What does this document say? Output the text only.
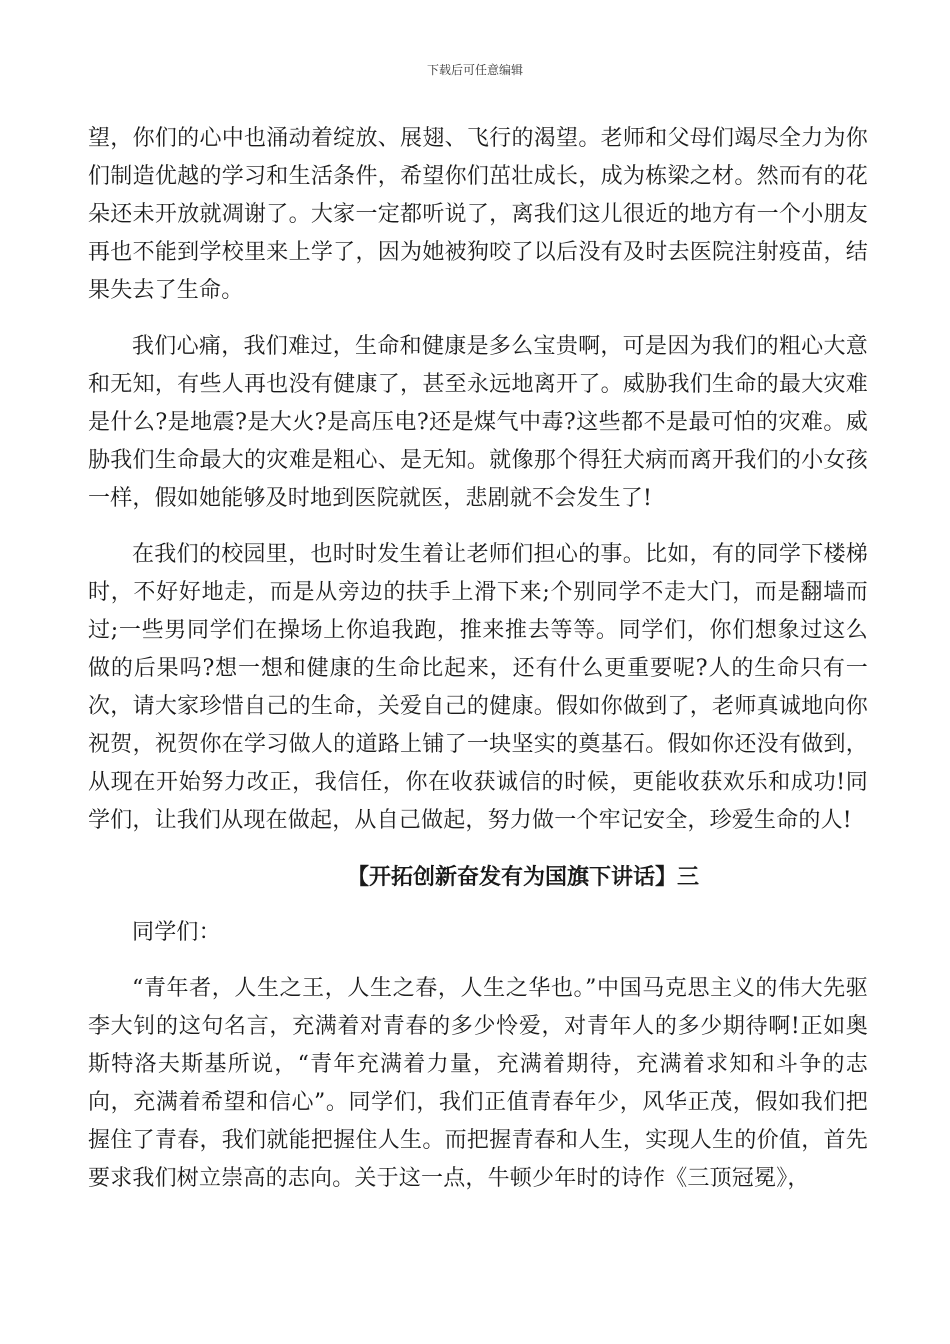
下载后可任意编辑

望，你们的心中也涌动着绽放、展翅、飞行的渴望。老师和父母们竭尽全力为你们制造优越的学习和生活条件，希望你们茁壮成长，成为栋梁之材。然而有的花朵还未开放就凋谢了。大家一定都听说了，离我们这儿很近的地方有一个小朋友再也不能到学校里来上学了，因为她被狗咬了以后没有及时去医院注射疫苗，结果失去了生命。

我们心痛，我们难过，生命和健康是多么宝贵啊，可是因为我们的粗心大意和无知，有些人再也没有健康了，甚至永远地离开了。威胁我们生命的最大灾难是什么?是地震?是大火?是高压电?还是煤气中毒?这些都不是最可怕的灾难。威胁我们生命最大的灾难是粗心、是无知。就像那个得狂犬病而离开我们的小女孩一样，假如她能够及时地到医院就医，悲剧就不会发生了!

在我们的校园里，也时时发生着让老师们担心的事。比如，有的同学下楼梯时，不好好地走，而是从旁边的扶手上滑下来;个别同学不走大门，而是翻墙而过;一些男同学们在操场上你追我跑，推来推去等等。同学们，你们想象过这么做的后果吗?想一想和健康的生命比起来，还有什么更重要呢?人的生命只有一次，请大家珍惜自己的生命，关爱自己的健康。假如你做到了，老师真诚地向你祝贺，祝贺你在学习做人的道路上铺了一块坚实的奠基石。假如你还没有做到，从现在开始努力改正，我信任，你在收获诚信的时候，更能收获欢乐和成功!同学们，让我们从现在做起，从自己做起，努力做一个牢记安全，珍爱生命的人!

【开拓创新奋发有为国旗下讲话】三

同学们：

“青年者，人生之王，人生之春，人生之华也。”中国马克思主义的伟大先驱李大钊的这句名言，充满着对青春的多少怜爱，对青年人的多少期待啊!正如奥斯特洛夫斯基所说，“青年充满着力量，充满着期待，充满着求知和斗争的志向，充满着希望和信心”。同学们，我们正值青春年少，风华正茂，假如我们把握住了青春，我们就能把握住人生。而把握青春和人生，实现人生的价值，首先要求我们树立崇高的志向。关于这一点，牛顿少年时的诗作《三顶冠冕》，
